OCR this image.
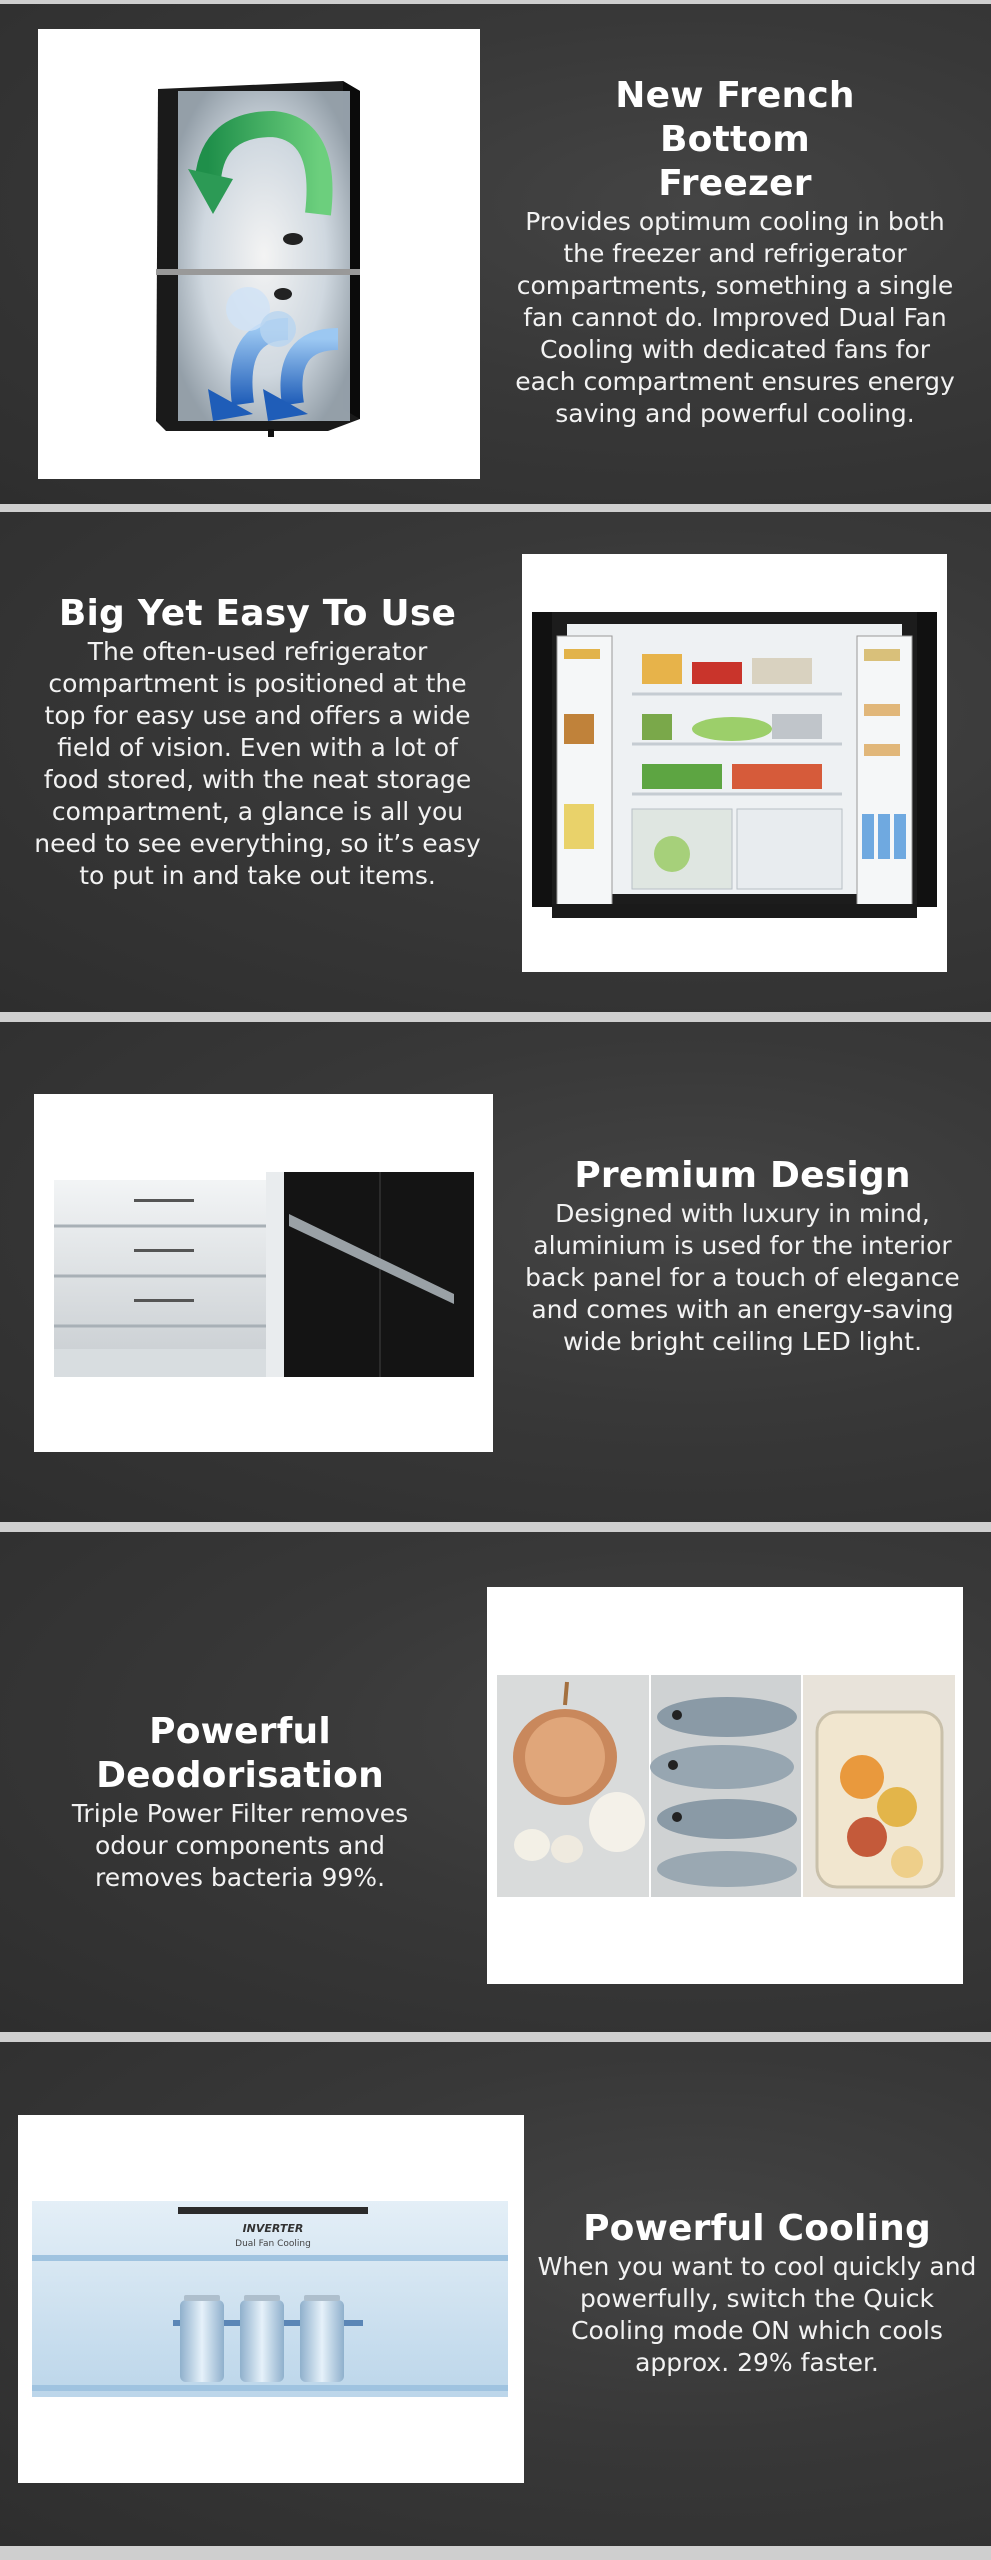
New French Bottom Freezer

Provides optimum cooling in both the freezer and refrigerator compartments, something a single fan cannot do. Improved Dual Fan Cooling with dedicated fans for each compartment ensures energy saving and powerful cooling.

Big Yet Easy To Use

The often-used refrigerator compartment is positioned at the top for easy use and offers a wide field of vision. Even with a lot of food stored, with the neat storage compartment, a glance is all you need to see everything, so it’s easy to put in and take out items.

Premium Design

Designed with luxury in mind, aluminium is used for the interior back panel for a touch of elegance and comes with an energy-saving wide bright ceiling LED light.

Powerful Deodorisation

Triple Power Filter removes odour components and removes bacteria 99%.

INVERTER
Dual Fan Cooling	Powerful Cooling

When you want to cool quickly and powerfully, switch the Quick Cooling mode ON which cools approx. 29% faster.
